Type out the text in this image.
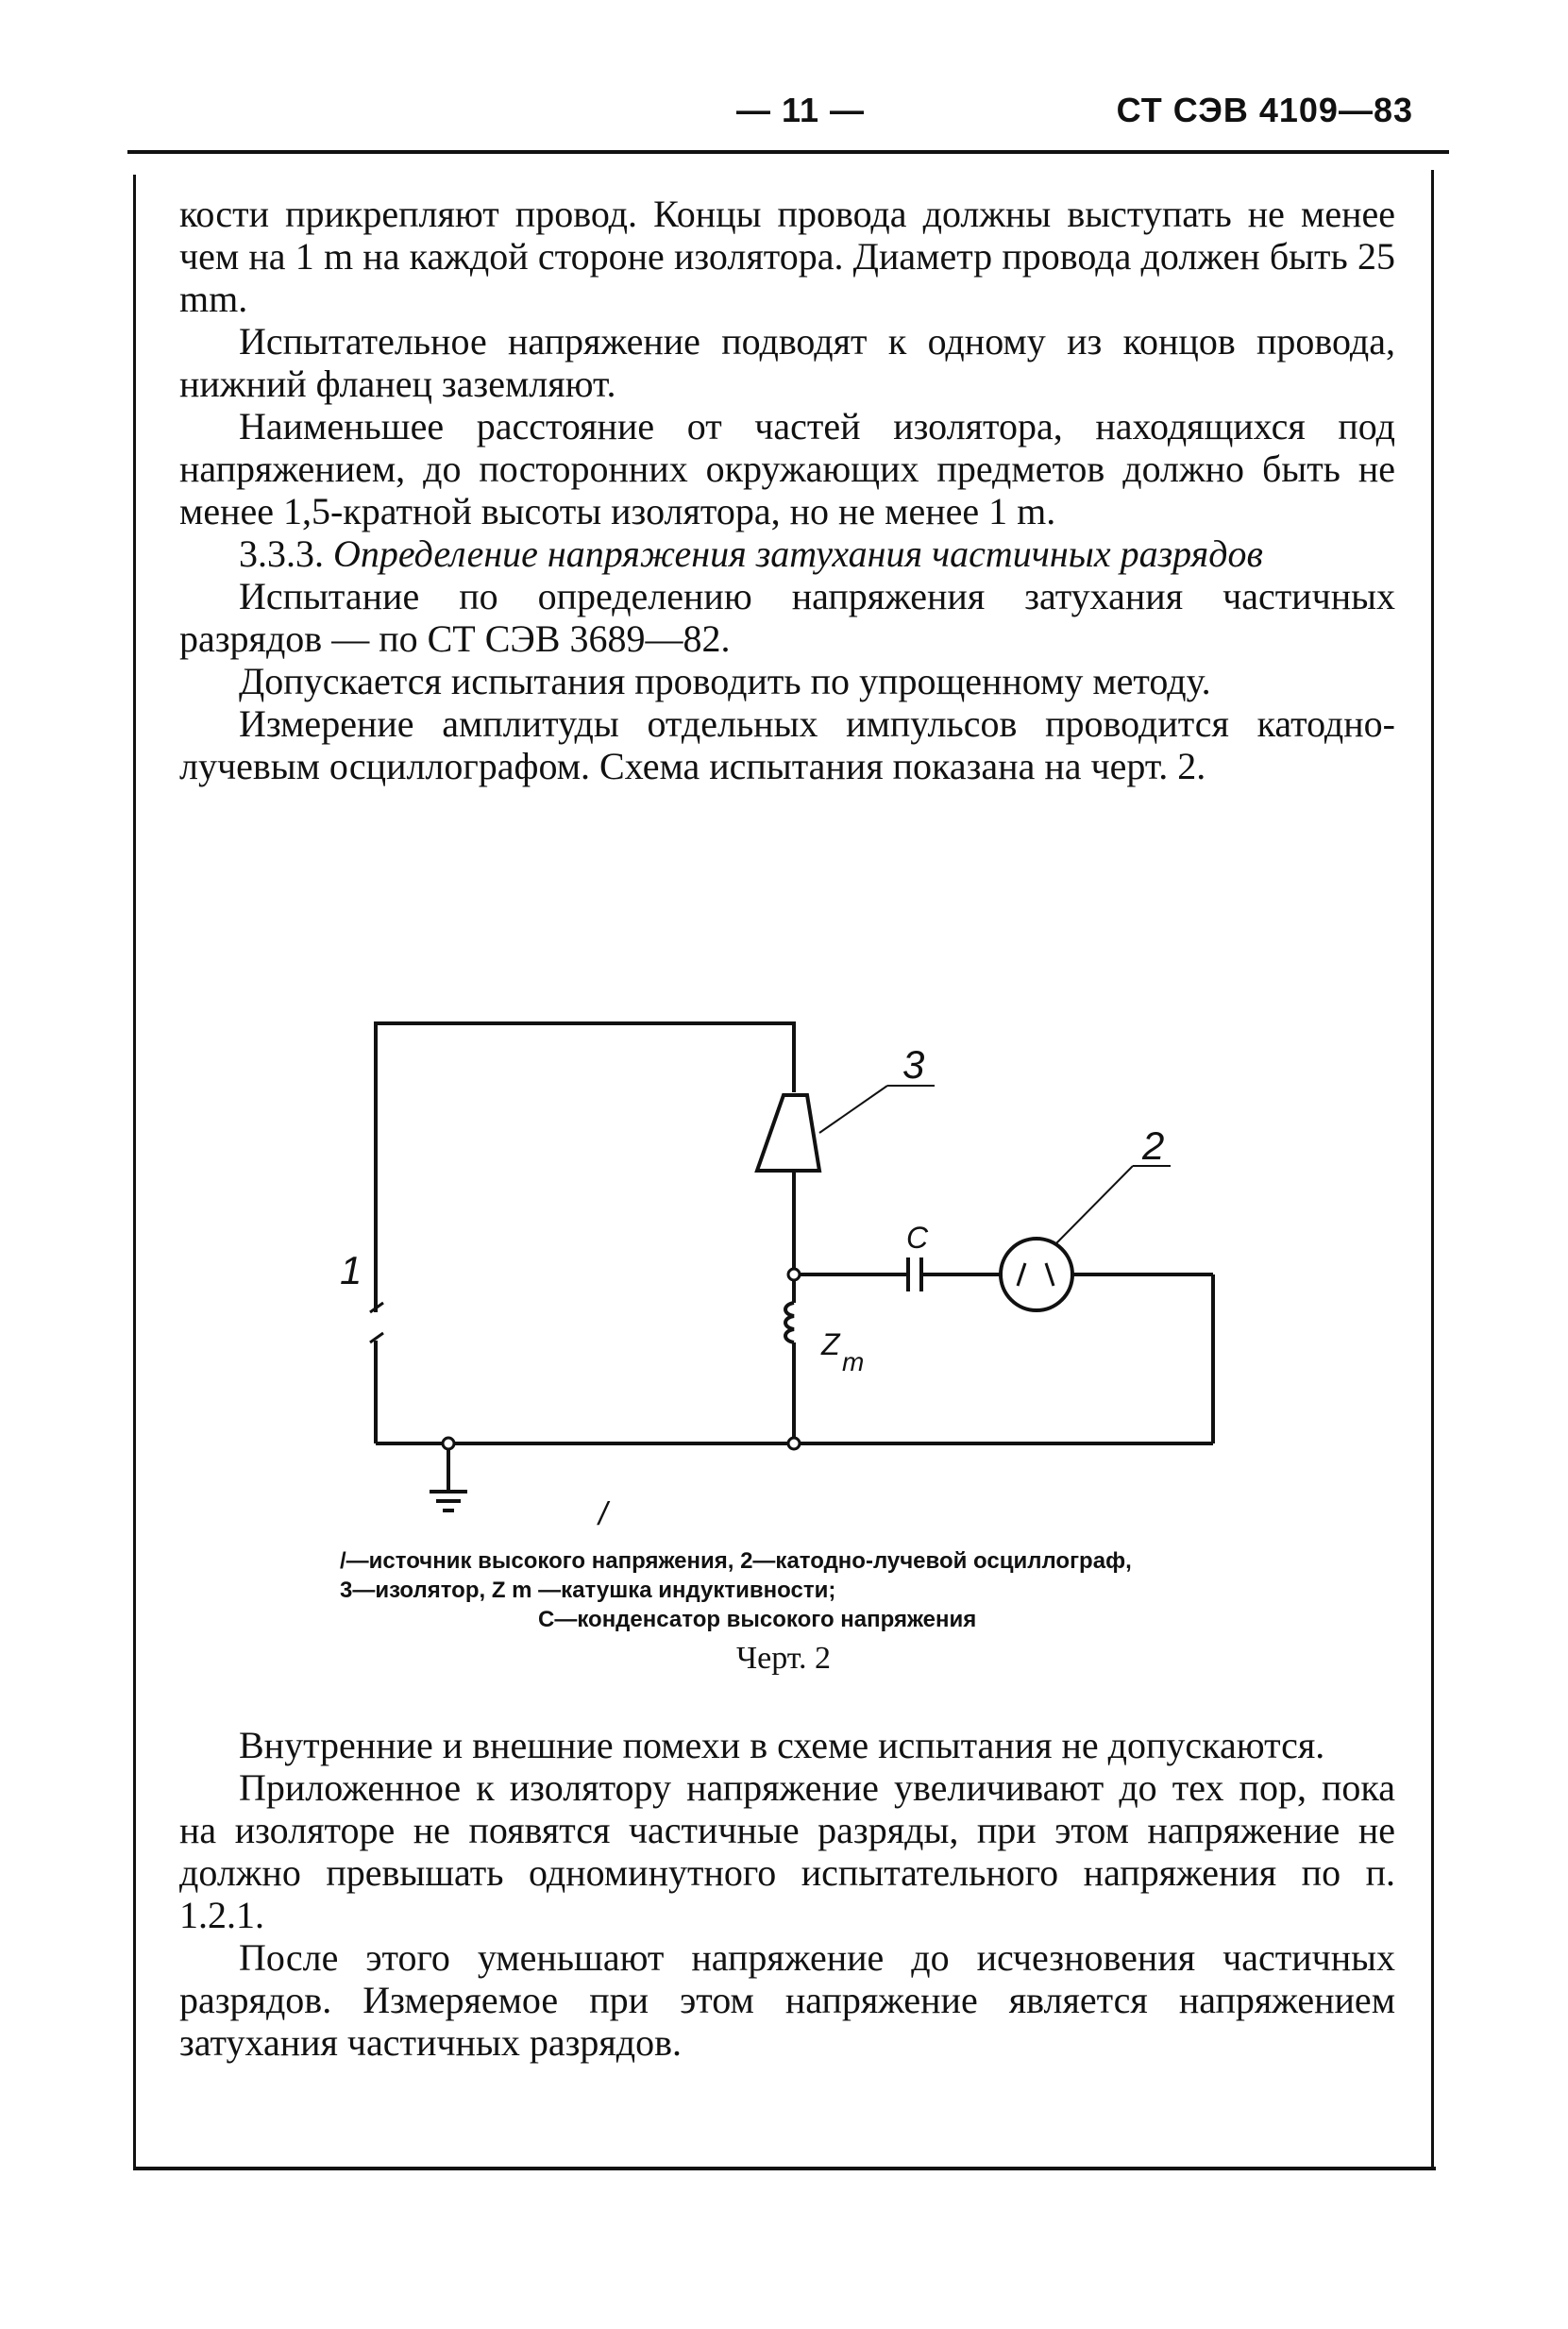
— 11 —	СТ СЭВ 4109—83

кости прикрепляют провод. Концы провода должны выступать не менее чем на 1 m на каждой стороне изолятора. Диаметр провода должен быть 25 mm.

Испытательное напряжение подводят к одному из концов провода, нижний фланец заземляют.

Наименьшее расстояние от частей изолятора, находящихся под напряжением, до посторонних окружающих предметов должно быть не менее 1,5-кратной высоты изолятора, но не менее 1 m.

3.3.3. Определение напряжения затухания частичных разрядов

Испытание по определению напряжения затухания частичных разрядов — по СТ СЭВ 3689—82.

Допускается испытания проводить по упрощенному методу.

Измерение амплитуды отдельных импульсов проводится катодно-лучевым осциллографом. Схема испытания показана на черт. 2.

1
3
2
C
Z
m
/
/—источник высокого напряжения, 2—катодно-лучевой осциллограф,
3—изолятор, Z m —катушка индуктивности;
C—конденсатор высокого напряжения
Черт. 2

Внутренние и внешние помехи в схеме испытания не допускаются.

Приложенное к изолятору напряжение увеличивают до тех пор, пока на изоляторе не появятся частичные разряды, при этом напряжение не должно превышать одноминутного испытательного напряжения по п. 1.2.1.

После этого уменьшают напряжение до исчезновения частичных разрядов. Измеряемое при этом напряжение является напряжением затухания частичных разрядов.
